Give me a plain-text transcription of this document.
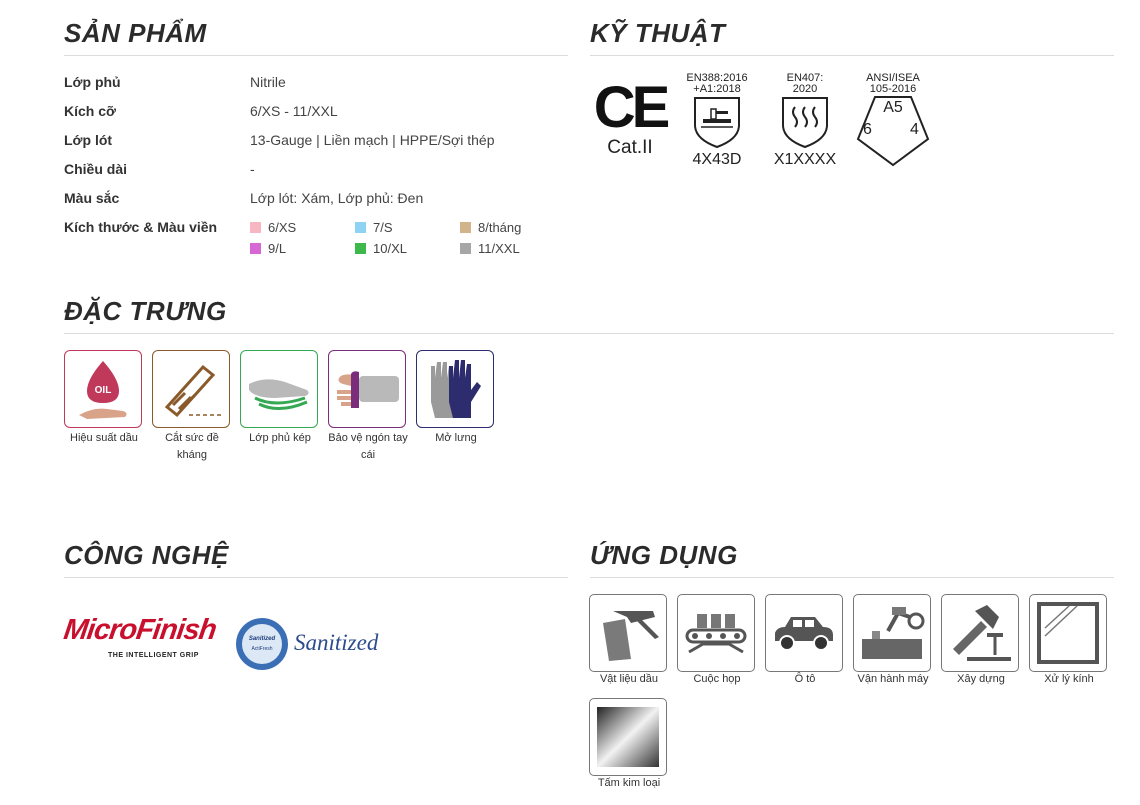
SẢN PHẨM
Lớp phủ	Nitrile
Kích cỡ	6/XS - 11/XXL
Lớp lót	13-Gauge | Liền mạch | HPPE/Sợi thép
Chiều dài	-
Màu sắc	Lớp lót: Xám, Lớp phủ: Đen
Kích thước & Màu viền	6/XS	7/S	8/tháng
9/L	10/XL	11/XXL
KỸ THUẬT
CE
Cat.II
EN388:2016
+A1:2018
4X43D
EN407:
2020
X1XXXX
ANSI/ISEA
105-2016
A5
6 4
ĐẶC TRƯNG
OIL
Hiệu suất dầu	Cắt sức đề kháng
Lớp phủ kép	Bảo vệ ngón tay cái
Mở lưng
CÔNG NGHỆ
MicroFinish
THE INTELLIGENT GRIP
Sanitized
ActiFresh Sanitized
ỨNG DỤNG
Vật liệu dầu	Cuộc họp	Ô tô	Vận hành máy	Xây dựng	Xử lý kính
Tấm kim loại
